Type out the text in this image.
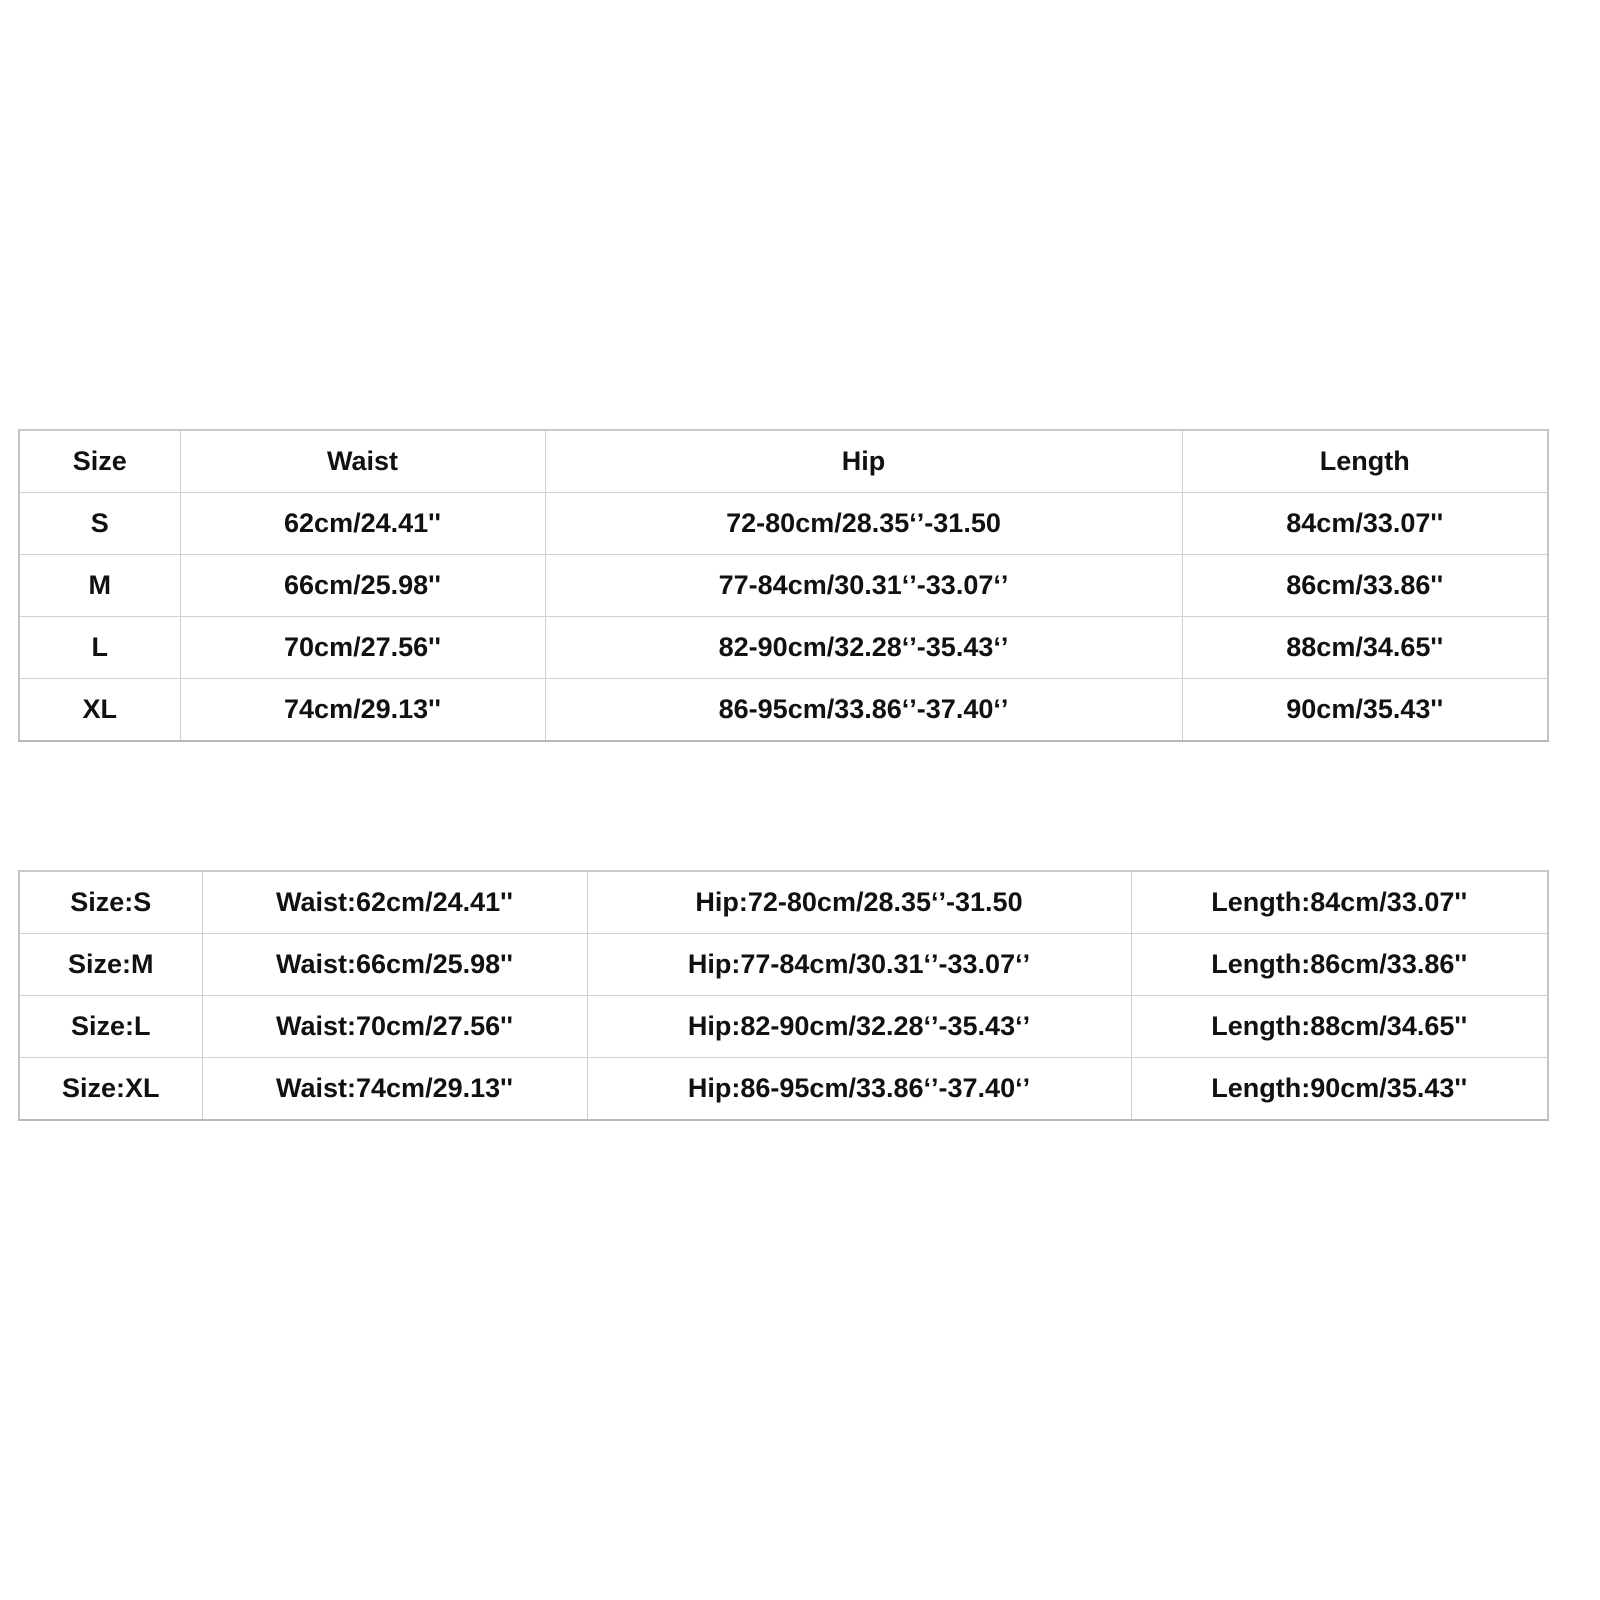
Size	Waist	Hip	Length
S	62cm/24.41''	72-80cm/28.35‘’-31.50	84cm/33.07''
M	66cm/25.98''	77-84cm/30.31‘’-33.07‘’	86cm/33.86''
L	70cm/27.56''	82-90cm/32.28‘’-35.43‘’	88cm/34.65''
XL	74cm/29.13''	86-95cm/33.86‘’-37.40‘’	90cm/35.43''
Size:S	Waist:62cm/24.41''	Hip:72-80cm/28.35‘’-31.50	Length:84cm/33.07''
Size:M	Waist:66cm/25.98''	Hip:77-84cm/30.31‘’-33.07‘’	Length:86cm/33.86''
Size:L	Waist:70cm/27.56''	Hip:82-90cm/32.28‘’-35.43‘’	Length:88cm/34.65''
Size:XL	Waist:74cm/29.13''	Hip:86-95cm/33.86‘’-37.40‘’	Length:90cm/35.43''
